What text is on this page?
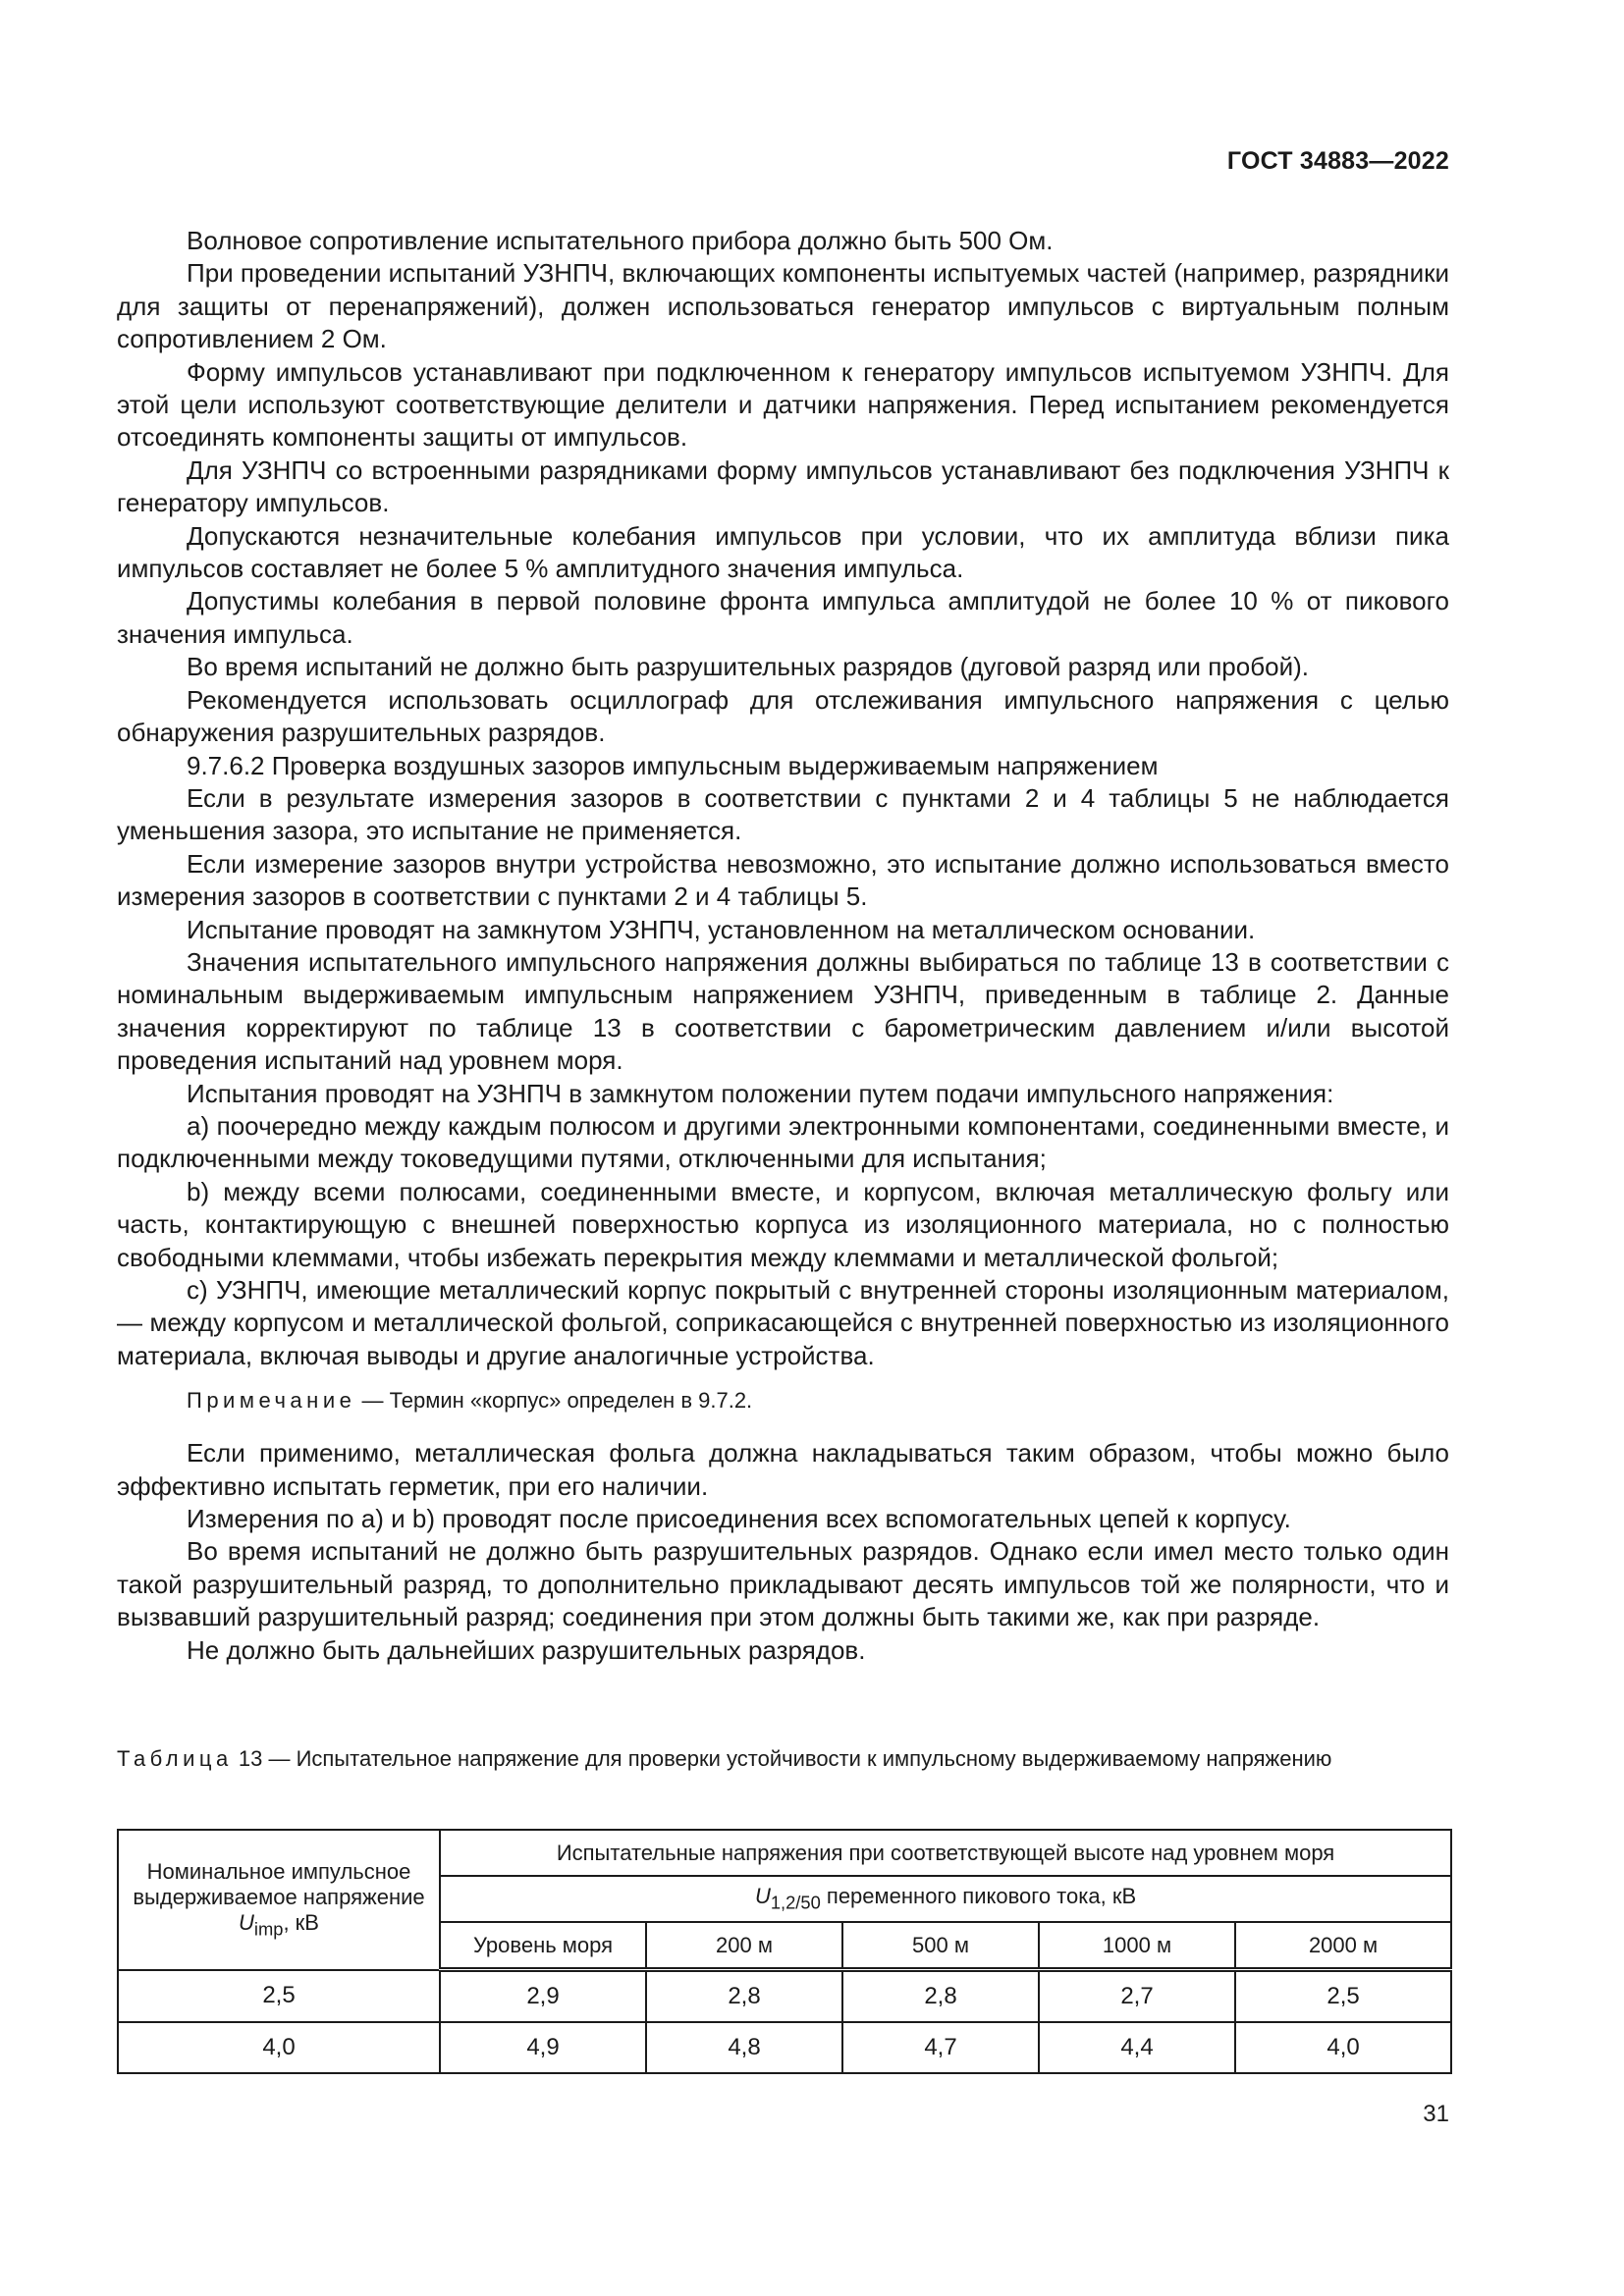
ГОСТ 34883—2022

Волновое сопротивление испытательного прибора должно быть 500 Ом.

При проведении испытаний УЗНПЧ, включающих компоненты испытуемых частей (например, разрядники для защиты от перенапряжений), должен использоваться генератор импульсов с виртуальным полным сопротивлением 2 Ом.

Форму импульсов устанавливают при подключенном к генератору импульсов испытуемом УЗНПЧ. Для этой цели используют соответствующие делители и датчики напряжения. Перед испытанием рекомендуется отсоединять компоненты защиты от импульсов.

Для УЗНПЧ со встроенными разрядниками форму импульсов устанавливают без подключения УЗНПЧ к генератору импульсов.

Допускаются незначительные колебания импульсов при условии, что их амплитуда вблизи пика импульсов составляет не более 5 % амплитудного значения импульса.

Допустимы колебания в первой половине фронта импульса амплитудой не более 10 % от пикового значения импульса.

Во время испытаний не должно быть разрушительных разрядов (дуговой разряд или пробой).

Рекомендуется использовать осциллограф для отслеживания импульсного напряжения с целью обнаружения разрушительных разрядов.

9.7.6.2 Проверка воздушных зазоров импульсным выдерживаемым напряжением

Если в результате измерения зазоров в соответствии с пунктами 2 и 4 таблицы 5 не наблюдается уменьшения зазора, это испытание не применяется.

Если измерение зазоров внутри устройства невозможно, это испытание должно использоваться вместо измерения зазоров в соответствии с пунктами 2 и 4 таблицы 5.

Испытание проводят на замкнутом УЗНПЧ, установленном на металлическом основании.

Значения испытательного импульсного напряжения должны выбираться по таблице 13 в соответствии с номинальным выдерживаемым импульсным напряжением УЗНПЧ, приведенным в таблице 2. Данные значения корректируют по таблице 13 в соответствии с барометрическим давлением и/или высотой проведения испытаний над уровнем моря.

Испытания проводят на УЗНПЧ в замкнутом положении путем подачи импульсного напряжения:

a) поочередно между каждым полюсом и другими электронными компонентами, соединенными вместе, и подключенными между токоведущими путями, отключенными для испытания;

b) между всеми полюсами, соединенными вместе, и корпусом, включая металлическую фольгу или часть, контактирующую с внешней поверхностью корпуса из изоляционного материала, но с полностью свободными клеммами, чтобы избежать перекрытия между клеммами и металлической фольгой;

c) УЗНПЧ, имеющие металлический корпус покрытый с внутренней стороны изоляционным материалом, — между корпусом и металлической фольгой, соприкасающейся с внутренней поверхностью из изоляционного материала, включая выводы и другие аналогичные устройства.

Примечание — Термин «корпус» определен в 9.7.2.

Если применимо, металлическая фольга должна накладываться таким образом, чтобы можно было эффективно испытать герметик, при его наличии.

Измерения по a) и b) проводят после присоединения всех вспомогательных цепей к корпусу.

Во время испытаний не должно быть разрушительных разрядов. Однако если имел место только один такой разрушительный разряд, то дополнительно прикладывают десять импульсов той же полярности, что и вызвавший разрушительный разряд; соединения при этом должны быть такими же, как при разряде.

Не должно быть дальнейших разрушительных разрядов.

Таблица 13 — Испытательное напряжение для проверки устойчивости к импульсному выдерживаемому напряжению
Номинальное импульсное выдерживаемое напряжение $U_{imp}$, кВ	Испытательные напряжения при соответствующей высоте над уровнем моря				
	$U_{1,2/50}$ переменного пикового тока, кВ				
	Уровень моря	200 м	500 м	1000 м	2000 м
2,5	2,9	2,8	2,8	2,7	2,5
4,0	4,9	4,8	4,7	4,4	4,0
31
